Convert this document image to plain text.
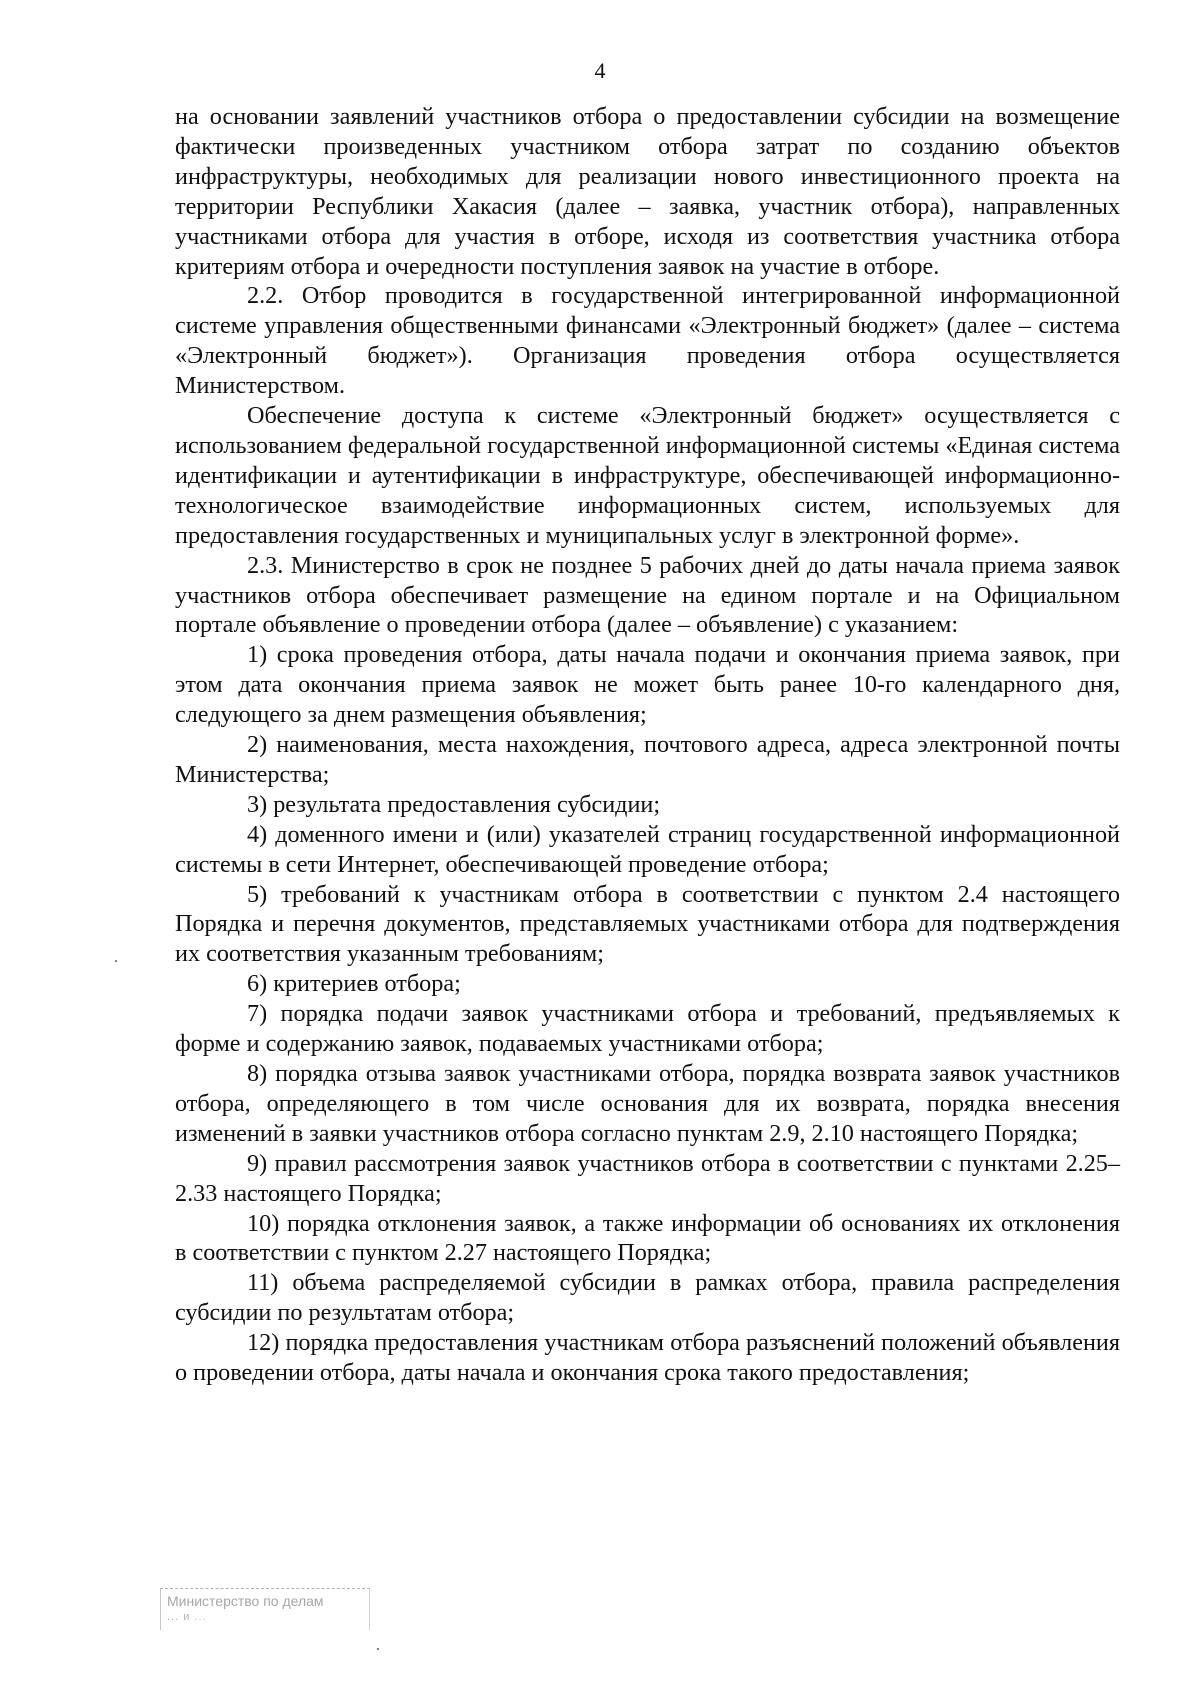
4

на основании заявлений участников отбора о предоставлении субсидии на возмещение фактически произведенных участником отбора затрат по созданию объектов инфраструктуры, необходимых для реализации нового инвестиционного проекта на территории Республики Хакасия (далее – заявка, участник отбора), направленных участниками отбора для участия в отборе, исходя из соответствия участника отбора критериям отбора и очередности поступления заявок на участие в отборе.

2.2. Отбор проводится в государственной интегрированной информационной системе управления общественными финансами «Электронный бюджет» (далее – система «Электронный бюджет»). Организация проведения отбора осуществляется Министерством.

Обеспечение доступа к системе «Электронный бюджет» осуществляется с использованием федеральной государственной информационной системы «Единая система идентификации и аутентификации в инфраструктуре, обеспечивающей информационно-технологическое взаимодействие информационных систем, используемых для предоставления государственных и муниципальных услуг в электронной форме».

2.3. Министерство в срок не позднее 5 рабочих дней до даты начала приема заявок участников отбора обеспечивает размещение на едином портале и на Официальном портале объявление о проведении отбора (далее – объявление) с указанием:

1) срока проведения отбора, даты начала подачи и окончания приема заявок, при этом дата окончания приема заявок не может быть ранее 10-го календарного дня, следующего за днем размещения объявления;

2) наименования, места нахождения, почтового адреса, адреса электронной почты Министерства;

3) результата предоставления субсидии;

4) доменного имени и (или) указателей страниц государственной информационной системы в сети Интернет, обеспечивающей проведение отбора;

5) требований к участникам отбора в соответствии с пунктом 2.4 настоящего Порядка и перечня документов, представляемых участниками отбора для подтверждения их соответствия указанным требованиям;

6) критериев отбора;

7) порядка подачи заявок участниками отбора и требований, предъявляемых к форме и содержанию заявок, подаваемых участниками отбора;

8) порядка отзыва заявок участниками отбора, порядка возврата заявок участников отбора, определяющего в том числе основания для их возврата, порядка внесения изменений в заявки участников отбора согласно пунктам 2.9, 2.10 настоящего Порядка;

9) правил рассмотрения заявок участников отбора в соответствии с пунктами 2.25–2.33 настоящего Порядка;

10) порядка отклонения заявок, а также информации об основаниях их отклонения в соответствии с пунктом 2.27 настоящего Порядка;

11) объема распределяемой субсидии в рамках отбора, правила распределения субсидии по результатам отбора;

12) порядка предоставления участникам отбора разъяснений положений объявления о проведении отбора, даты начала и окончания срока такого предоставления;

Министерство по делам
... и ...
